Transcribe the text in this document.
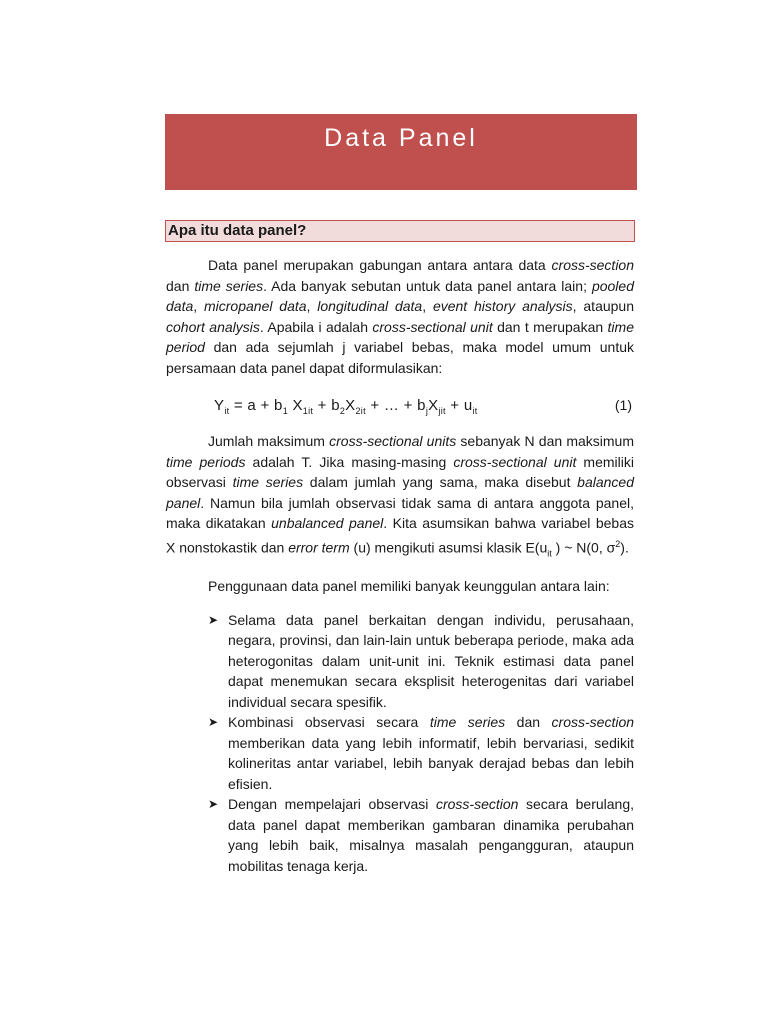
Data Panel
Apa itu data panel?

Data panel merupakan gabungan antara antara data cross-section dan time series. Ada banyak sebutan untuk data panel antara lain; pooled data, micropanel data, longitudinal data, event history analysis, ataupun cohort analysis. Apabila i adalah cross-sectional unit dan t merupakan time period dan ada sejumlah j variabel bebas, maka model umum untuk persamaan data panel dapat diformulasikan:

$Y_{it} = a + b_1$ $X_{1it} + b_2X_{2it}$ + … + $b_jX_{jit} + u_{it}$	(1)

Jumlah maksimum cross-sectional units sebanyak N dan maksimum time periods adalah T. Jika masing-masing cross-sectional unit memiliki observasi time series dalam jumlah yang sama, maka disebut balanced panel. Namun bila jumlah observasi tidak sama di antara anggota panel, maka dikatakan unbalanced panel. Kita asumsikan bahwa variabel bebas X nonstokastik dan error term (u) mengikuti asumsi klasik $E(u_{it}$ ) ~ N(0, $\sigma^2$).

Penggunaan data panel memiliki banyak keunggulan antara lain:

➤ Selama data panel berkaitan dengan individu, perusahaan, negara, provinsi, dan lain-lain untuk beberapa periode, maka ada heterogonitas dalam unit-unit ini. Teknik estimasi data panel dapat menemukan secara eksplisit heterogenitas dari variabel individual secara spesifik.
➤ Kombinasi observasi secara time series dan cross-section memberikan data yang lebih informatif, lebih bervariasi, sedikit kolineritas antar variabel, lebih banyak derajad bebas dan lebih efisien.
➤ Dengan mempelajari observasi cross-section secara berulang, data panel dapat memberikan gambaran dinamika perubahan yang lebih baik, misalnya masalah pengangguran, ataupun mobilitas tenaga kerja.
